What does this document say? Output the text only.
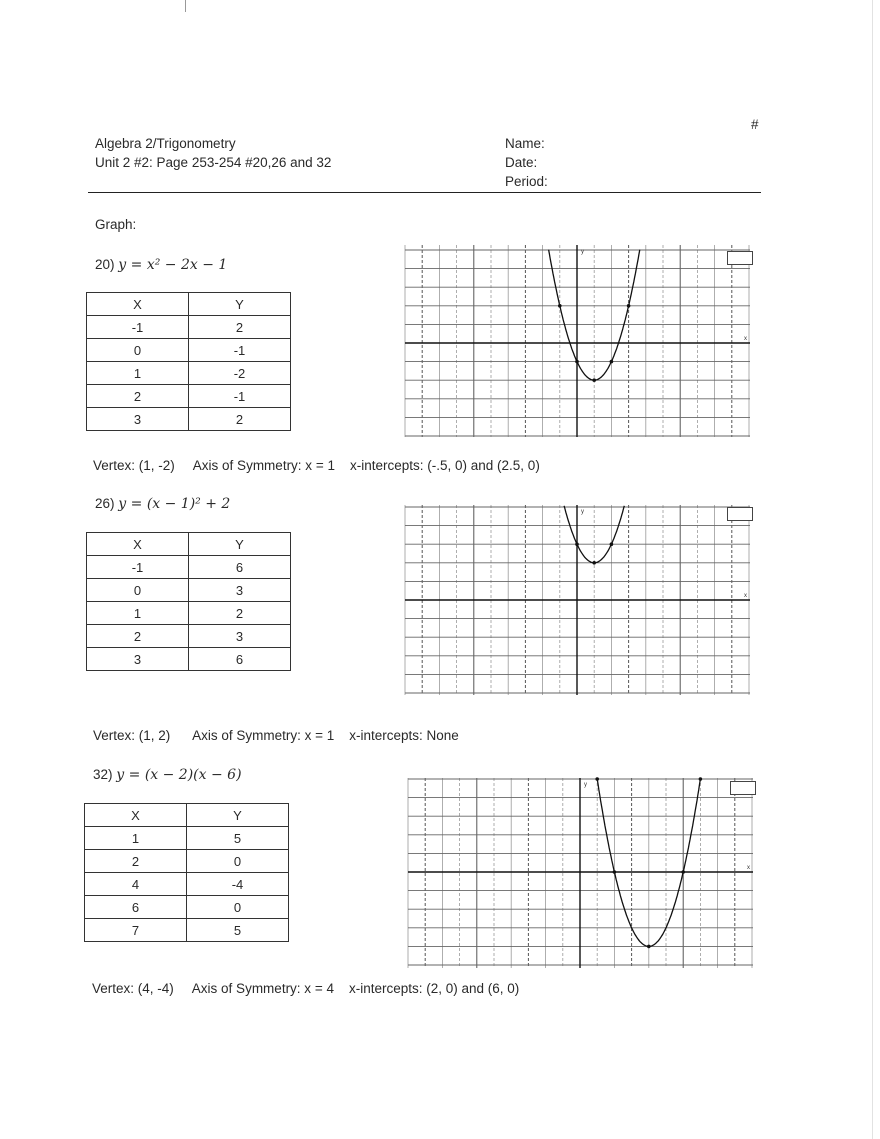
#
Algebra 2/Trigonometry
Unit 2 #2: Page 253-254 #20,26 and 32
Name:
Date:
Period:
Graph:
20) y = x² − 2x − 1
X	Y
-1	2
0	-1
1	-2
2	-1
3	2
y
x
Vertex: (1, -2) Axis of Symmetry: x = 1 x-intercepts: (-.5, 0) and (2.5, 0)
26) y = (x − 1)² + 2
X	Y
-1	6
0	3
1	2
2	3
3	6
y
x
Vertex: (1, 2) Axis of Symmetry: x = 1 x-intercepts: None
32) y = (x − 2)(x − 6)
X	Y
1	5
2	0
4	-4
6	0
7	5
y
x
Vertex: (4, -4) Axis of Symmetry: x = 4 x-intercepts: (2, 0) and (6, 0)
